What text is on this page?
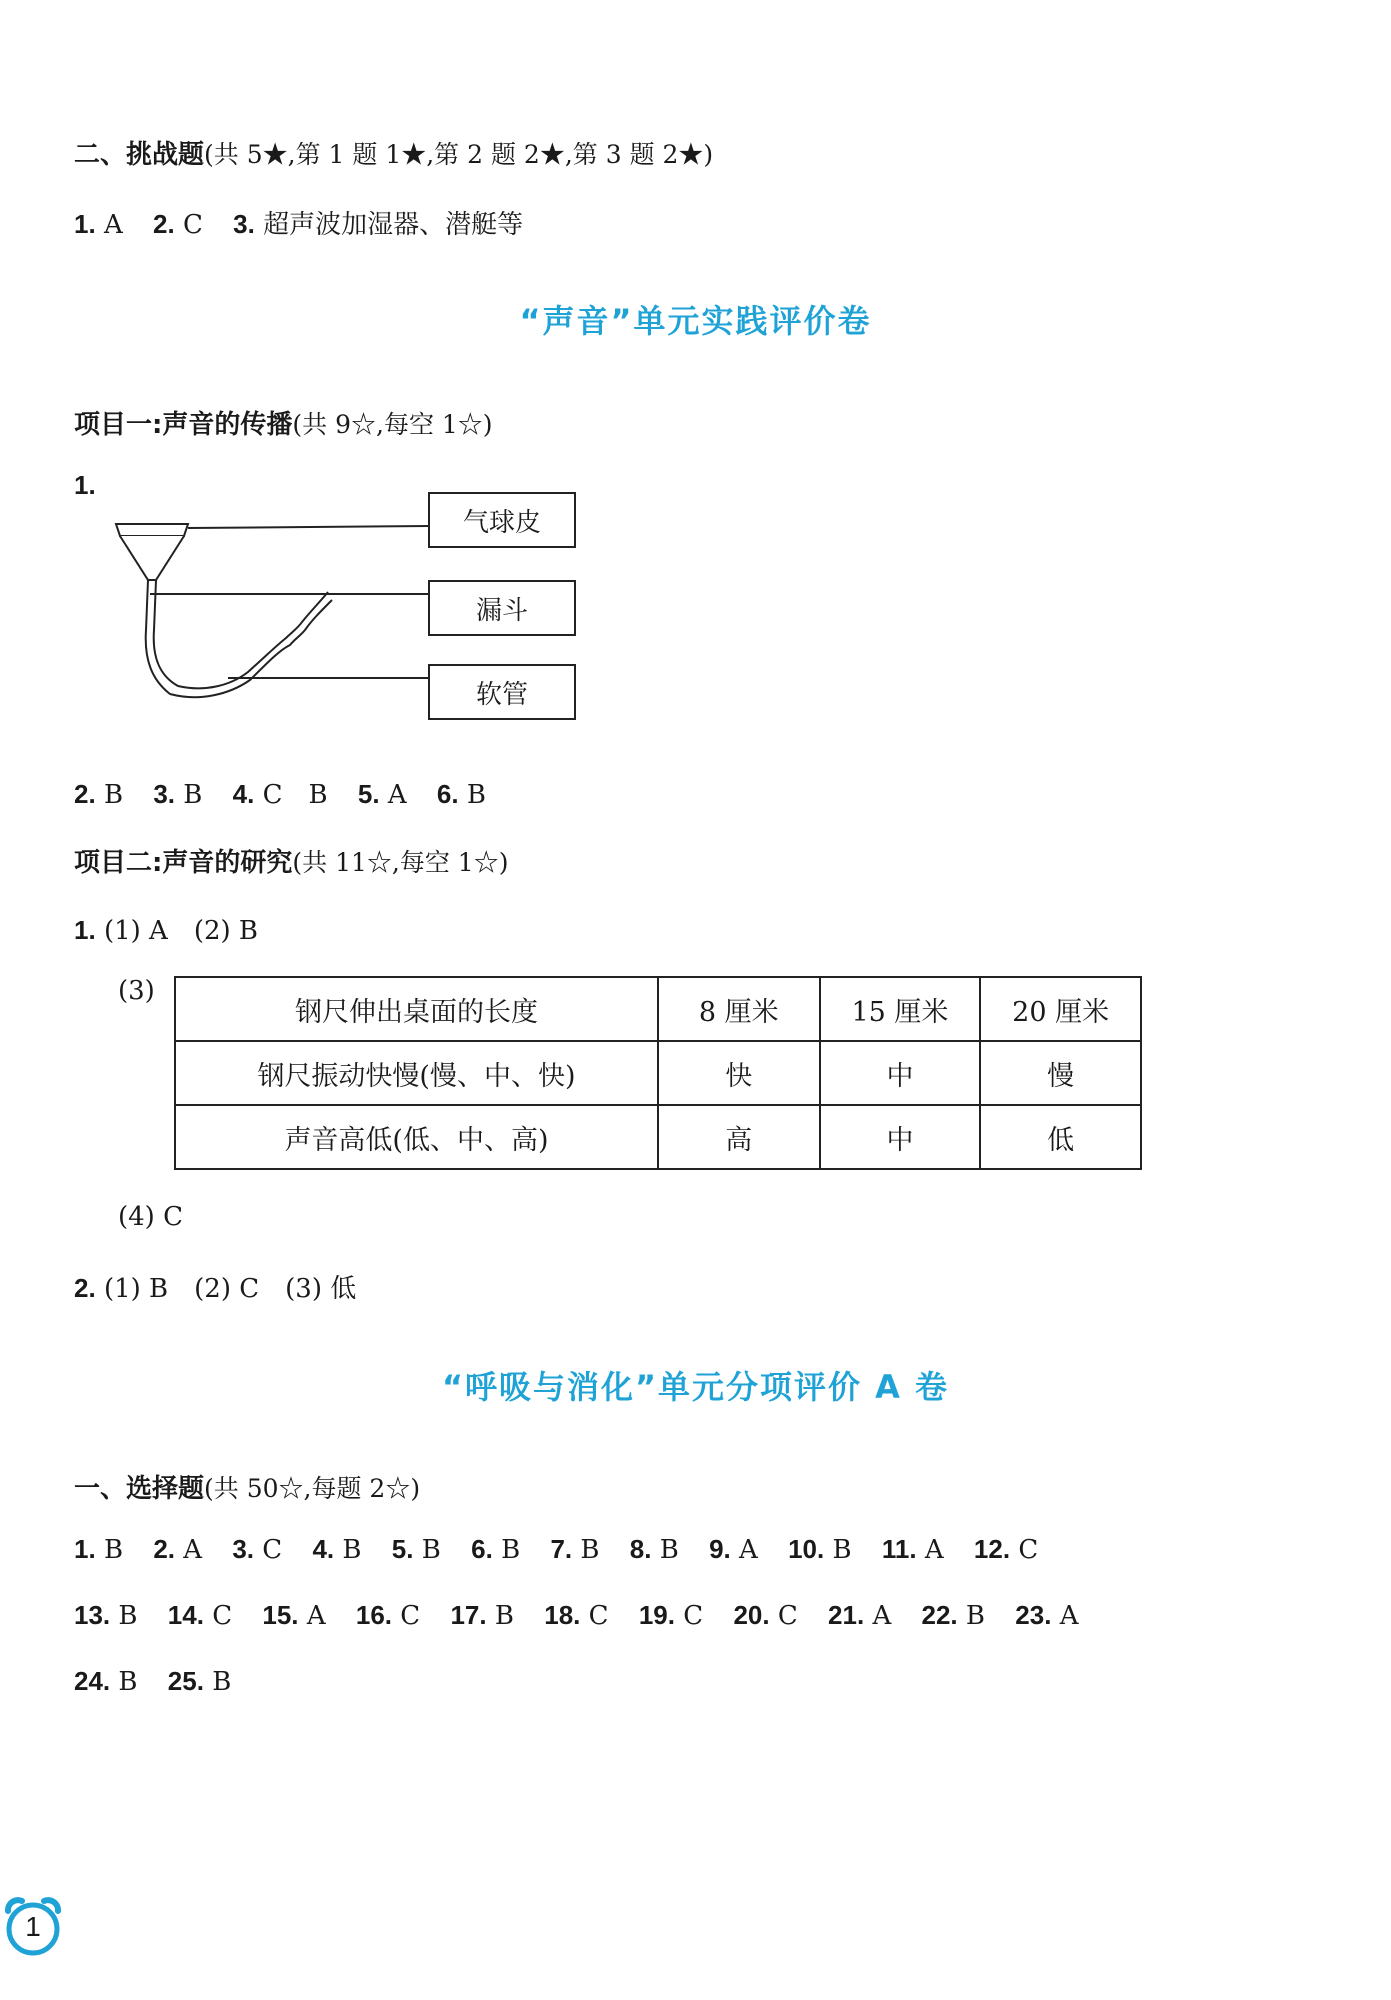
二、挑战题(共 5★,第 1 题 1★,第 2 题 2★,第 3 题 2★)
1. A 2. C 3. 超声波加湿器、潜艇等
“声音”单元实践评价卷
项目一:声音的传播(共 9☆,每空 1☆)
1.
气球皮
漏斗
软管
2. B 3. B 4. C　B 5. A 6. B
项目二:声音的研究(共 11☆,每空 1☆)
1. (1) A　(2) B
(3)
钢尺伸出桌面的长度	8 厘米	15 厘米	20 厘米
钢尺振动快慢(慢、中、快)	快	中	慢
声音高低(低、中、高)	高	中	低
(4) C
2. (1) B　(2) C　(3) 低
“呼吸与消化”单元分项评价 A 卷
一、选择题(共 50☆,每题 2☆)
1. B 2. A 3. C 4. B 5. B 6. B 7. B 8. B 9. A 10. B 11. A 12. C
13. B 14. C 15. A 16. C 17. B 18. C 19. C 20. C 21. A 22. B 23. A
24. B 25. B
1
